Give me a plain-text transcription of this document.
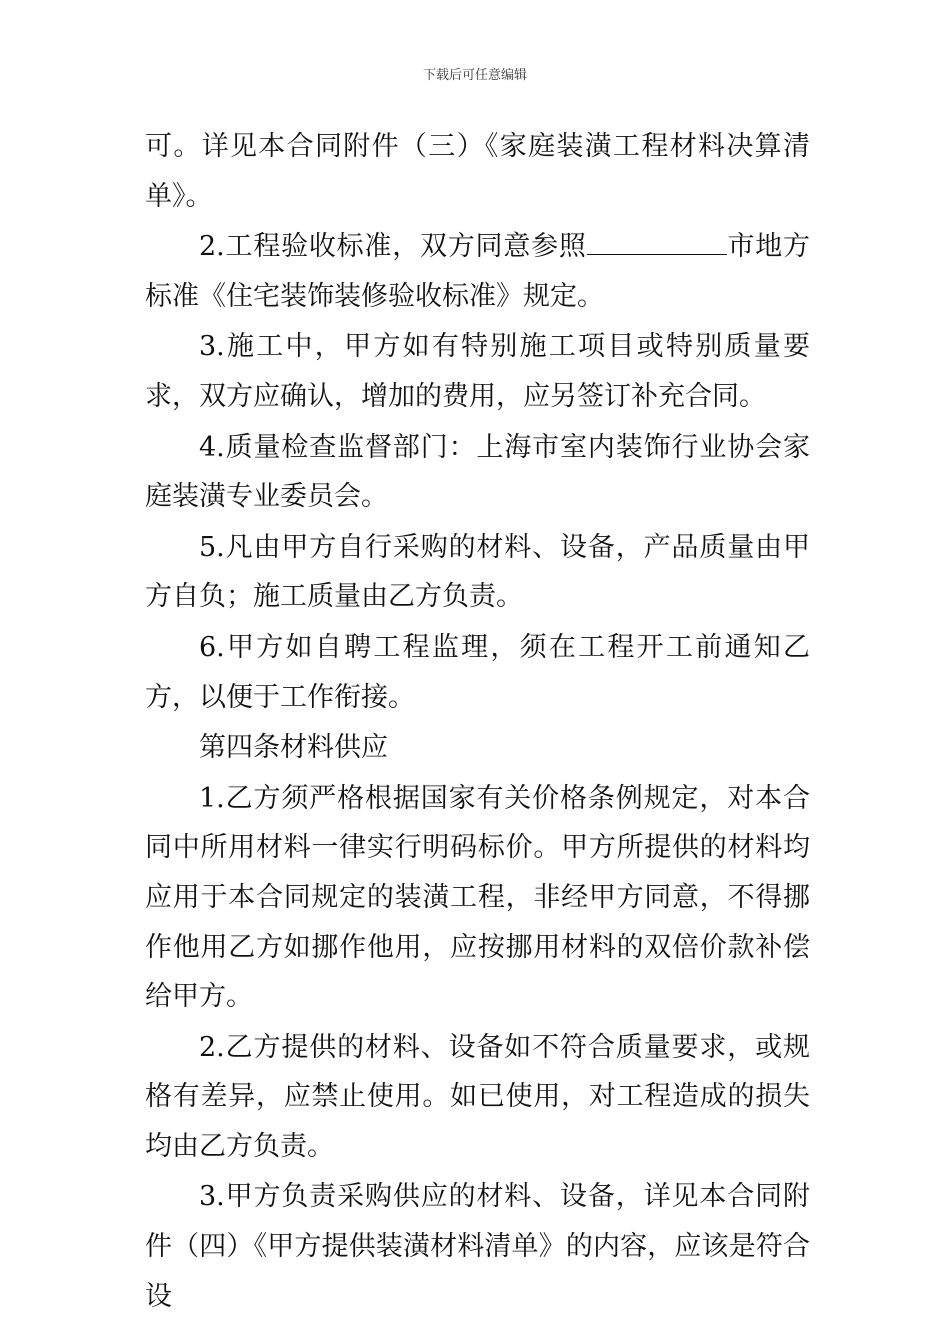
下载后可任意编辑

可。详见本合同附件（三）《家庭装潢工程材料决算清单》。

2.工程验收标准，双方同意参照	市地方标准《住宅装饰装修验收标准》规定。

3.施工中，甲方如有特别施工项目或特别质量要求，双方应确认，增加的费用，应另签订补充合同。

4.质量检查监督部门：上海市室内装饰行业协会家庭装潢专业委员会。

5.凡由甲方自行采购的材料、设备，产品质量由甲方自负；施工质量由乙方负责。

6.甲方如自聘工程监理，须在工程开工前通知乙方，以便于工作衔接。

第四条材料供应

1.乙方须严格根据国家有关价格条例规定，对本合同中所用材料一律实行明码标价。甲方所提供的材料均应用于本合同规定的装潢工程，非经甲方同意，不得挪作他用乙方如挪作他用，应按挪用材料的双倍价款补偿给甲方。

2.乙方提供的材料、设备如不符合质量要求，或规格有差异，应禁止使用。如已使用，对工程造成的损失均由乙方负责。

3.甲方负责采购供应的材料、设备，详见本合同附件（四）《甲方提供装潢材料清单》的内容，应该是符合设
